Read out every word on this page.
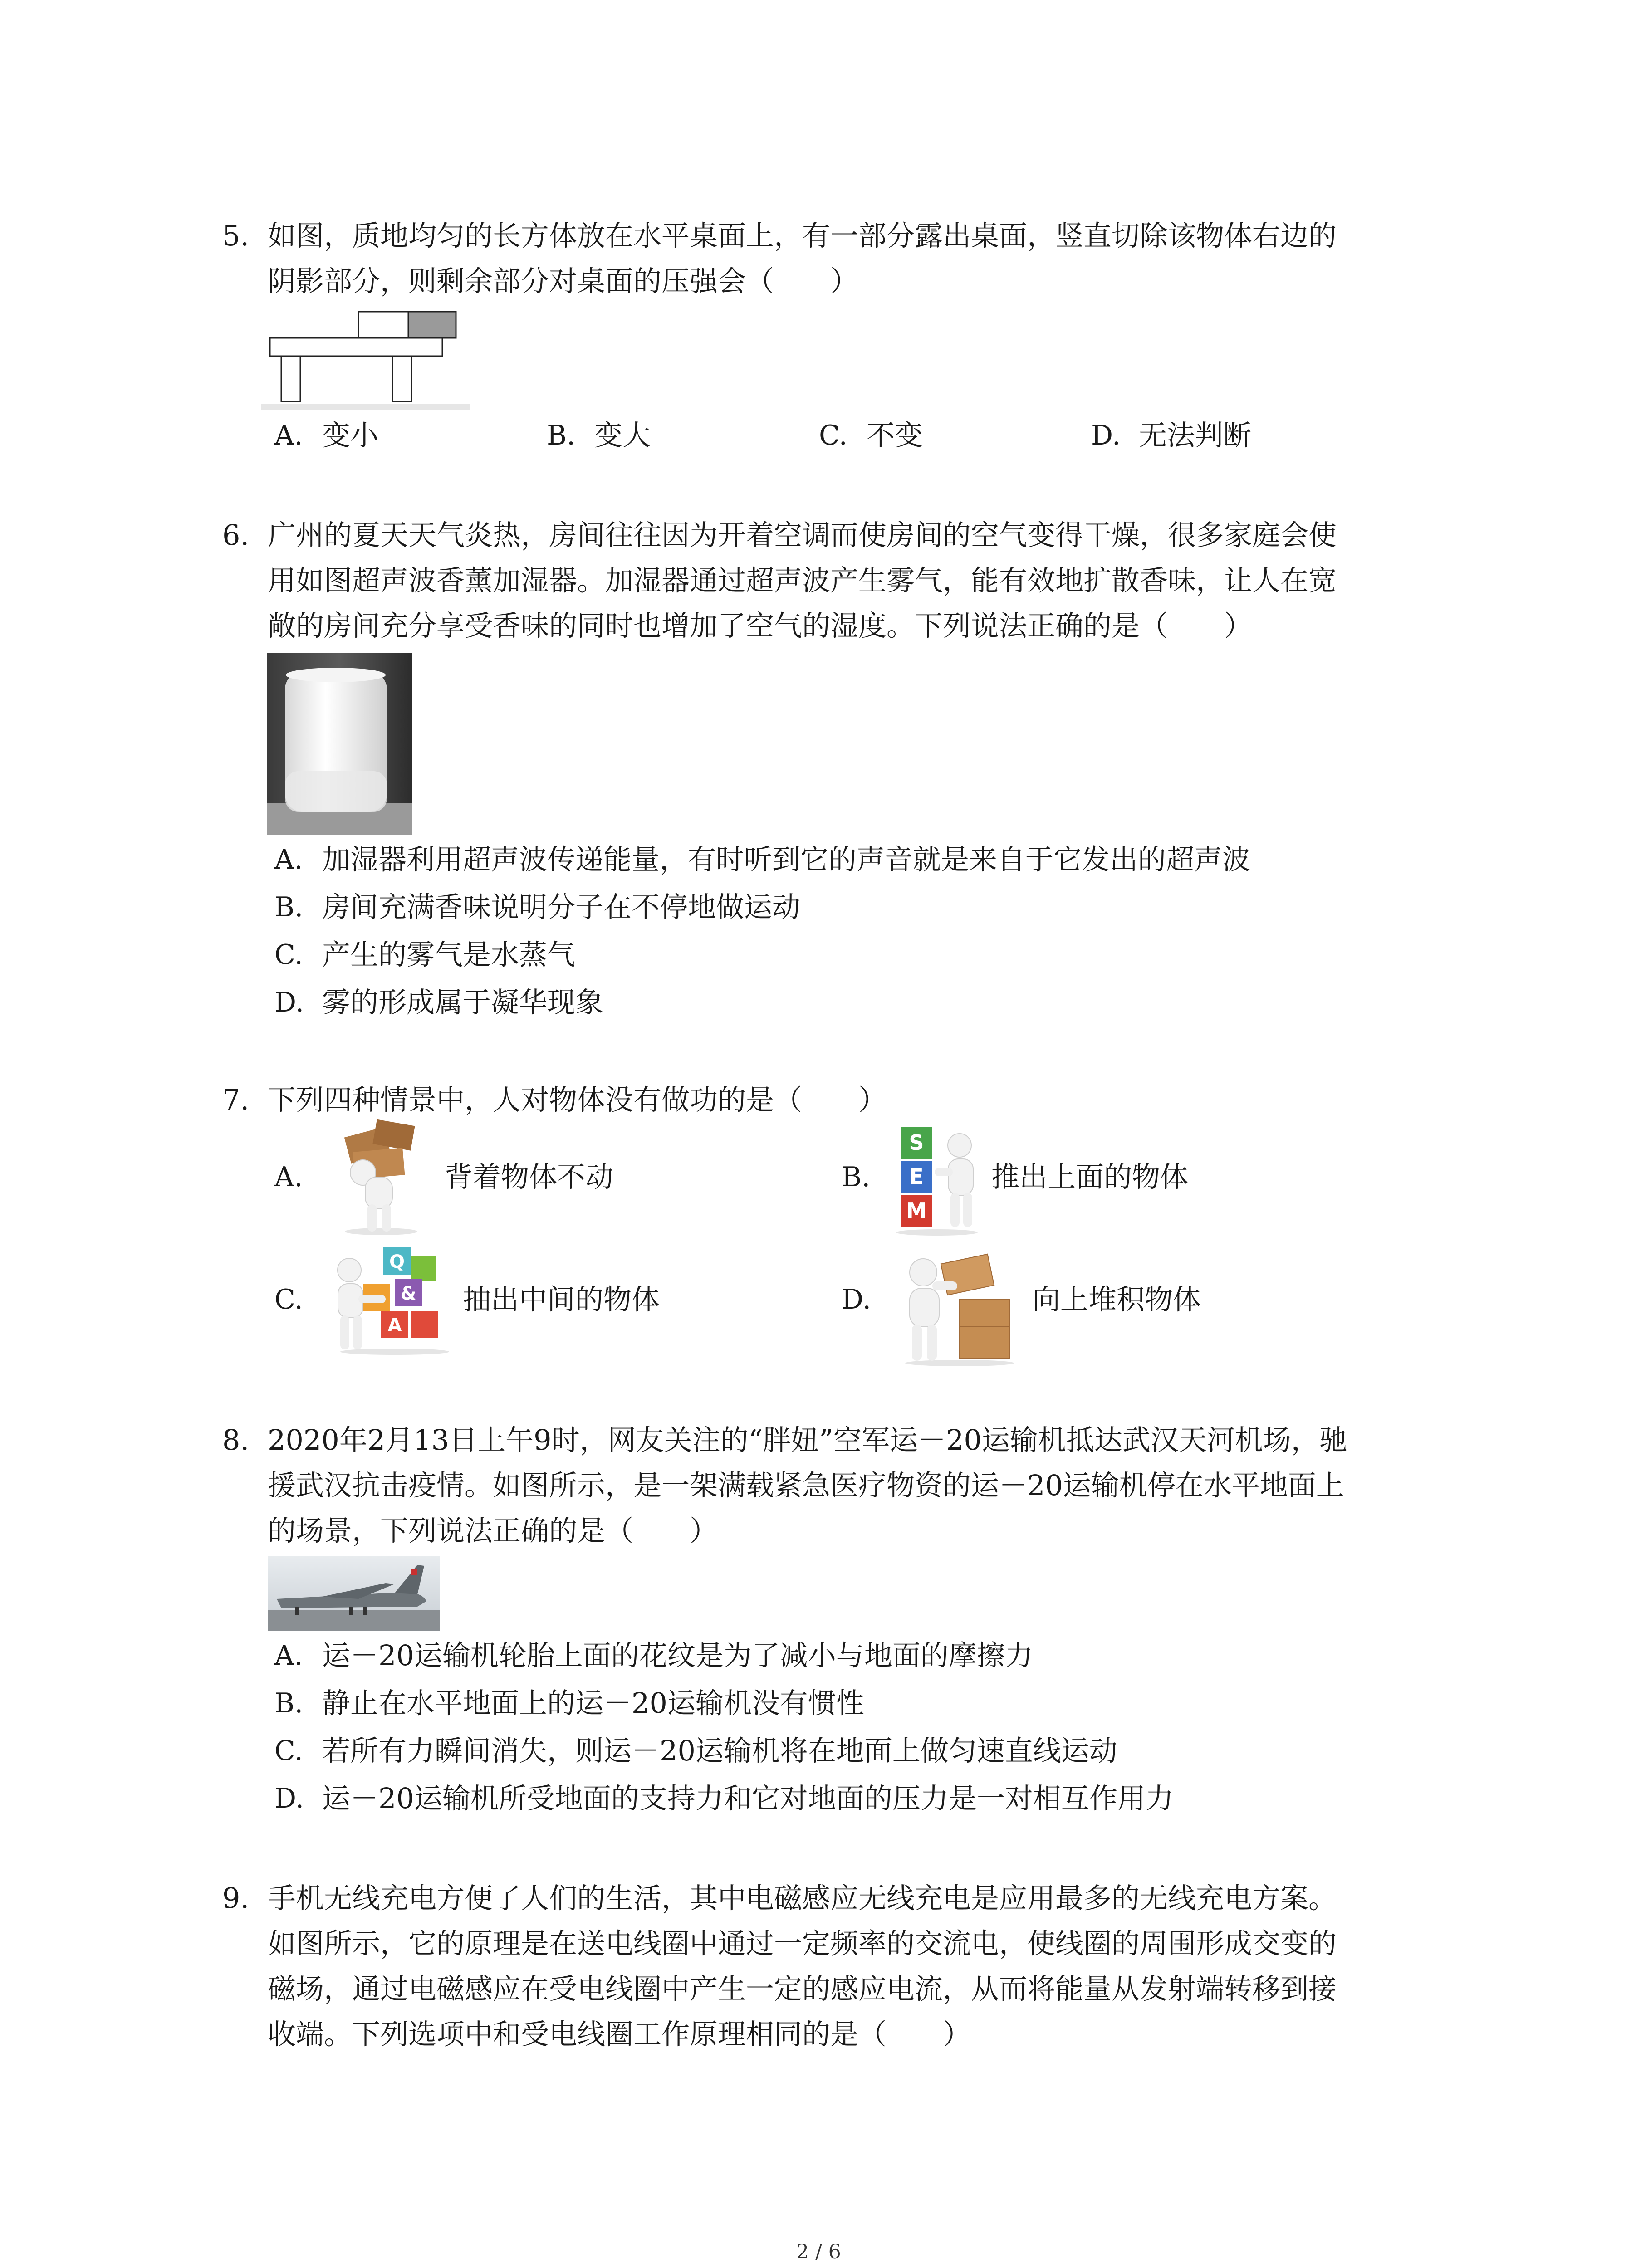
5. 如图，质地均匀的长方体放在水平桌面上，有一部分露出桌面，竖直切除该物体右边的
阴影部分，则剩余部分对桌面的压强会（　　）
A. 变小	B. 变大	C. 不变	D. 无法判断
6. 广州的夏天天气炎热，房间往往因为开着空调而使房间的空气变得干燥，很多家庭会使
用如图超声波香薰加湿器。加湿器通过超声波产生雾气，能有效地扩散香味，让人在宽
敞的房间充分享受香味的同时也增加了空气的湿度。下列说法正确的是（　　）
A. 加湿器利用超声波传递能量，有时听到它的声音就是来自于它发出的超声波
B. 房间充满香味说明分子在不停地做运动
C. 产生的雾气是水蒸气
D. 雾的形成属于凝华现象
7. 下列四种情景中，人对物体没有做功的是（　　）
A.	背着物体不动	B.
S
E
M
推出上面的物体
C.
Q
&
A
抽出中间的物体	D.	向上堆积物体
8. 2020年2月13日上午9时，网友关注的“胖妞”空军运－20运输机抵达武汉天河机场，驰
援武汉抗击疫情。如图所示，是一架满载紧急医疗物资的运－20运输机停在水平地面上
的场景，下列说法正确的是（　　）
A. 运－20运输机轮胎上面的花纹是为了减小与地面的摩擦力
B. 静止在水平地面上的运－20运输机没有惯性
C. 若所有力瞬间消失，则运－20运输机将在地面上做匀速直线运动
D. 运－20运输机所受地面的支持力和它对地面的压力是一对相互作用力
9. 手机无线充电方便了人们的生活，其中电磁感应无线充电是应用最多的无线充电方案。
如图所示，它的原理是在送电线圈中通过一定频率的交流电，使线圈的周围形成交变的
磁场，通过电磁感应在受电线圈中产生一定的感应电流，从而将能量从发射端转移到接
收端。下列选项中和受电线圈工作原理相同的是（　　）
2 / 6
